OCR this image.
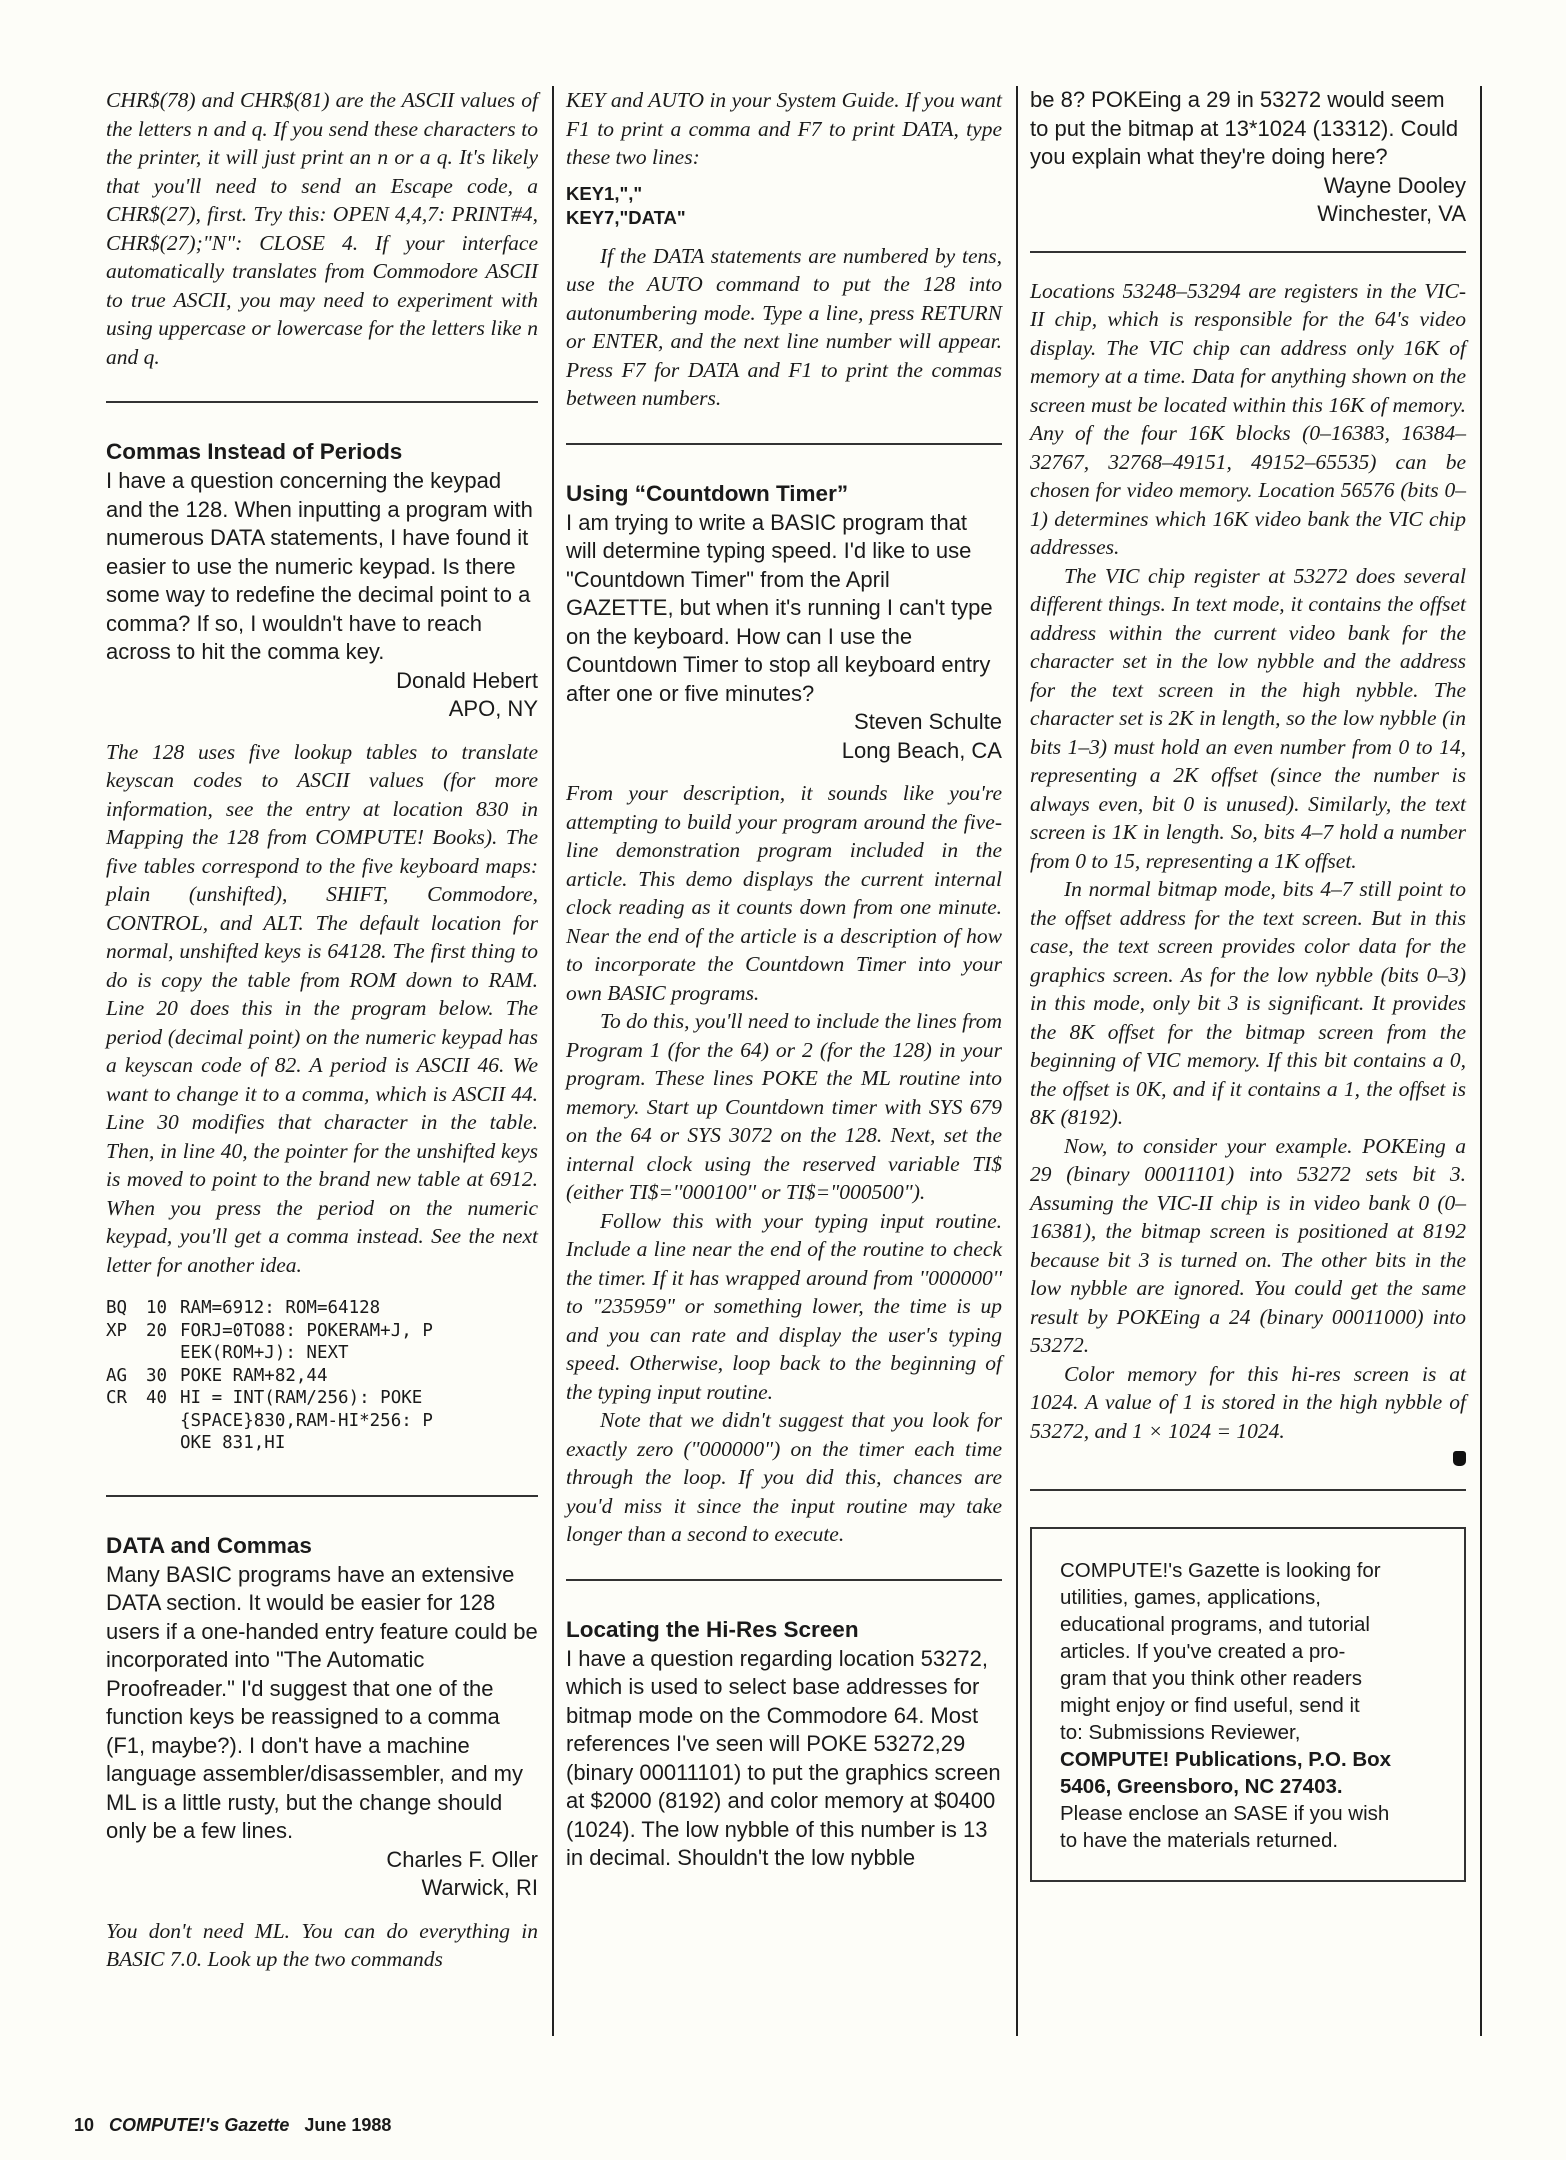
CHR$(78) and CHR$(81) are the ASCII values of the letters n and q. If you send these characters to the printer, it will just print an n or a q. It's likely that you'll need to send an Escape code, a CHR$(27), first. Try this: OPEN 4,4,7: PRINT#4, CHR$(27);"N": CLOSE 4. If your interface automatically translates from Commodore ASCII to true ASCII, you may need to experiment with using uppercase or lowercase for the letters like n and q.

Commas Instead of Periods

I have a question concerning the keypad and the 128. When inputting a program with numerous DATA statements, I have found it easier to use the numeric keypad. Is there some way to redefine the decimal point to a comma? If so, I wouldn't have to reach across to hit the comma key.

Donald Hebert
APO, NY

The 128 uses five lookup tables to translate keyscan codes to ASCII values (for more information, see the entry at location 830 in Mapping the 128 from COMPUTE! Books). The five tables correspond to the five keyboard maps: plain (unshifted), SHIFT, Commodore, CONTROL, and ALT. The default location for normal, unshifted keys is 64128. The first thing to do is copy the table from ROM down to RAM. Line 20 does this in the program below. The period (decimal point) on the numeric keypad has a keyscan code of 82. A period is ASCII 46. We want to change it to a comma, which is ASCII 44. Line 30 modifies that character in the table. Then, in line 40, the pointer for the unshifted keys is moved to point to the brand new table at 6912. When you press the period on the numeric keypad, you'll get a comma instead. See the next letter for another idea.

BQ	10 RAM=6912: ROM=64128
XP	20 FORJ=0TO88: POKERAM+J, P
EEK(ROM+J): NEXT
AG	30 POKE RAM+82,44
CR	40 HI = INT(RAM/256): POKE
{SPACE}830,RAM-HI*256: P
OKE 831,HI
DATA and Commas

Many BASIC programs have an extensive DATA section. It would be easier for 128 users if a one-handed entry feature could be incorporated into "The Automatic Proofreader." I'd suggest that one of the function keys be reassigned to a comma (F1, maybe?). I don't have a machine language assembler/disassembler, and my ML is a little rusty, but the change should only be a few lines.

Charles F. Oller
Warwick, RI

You don't need ML. You can do everything in BASIC 7.0. Look up the two commands

KEY and AUTO in your System Guide. If you want F1 to print a comma and F7 to print DATA, type these two lines:

KEY1,","
KEY7,"DATA"

If the DATA statements are numbered by tens, use the AUTO command to put the 128 into autonumbering mode. Type a line, press RETURN or ENTER, and the next line number will appear. Press F7 for DATA and F1 to print the commas between numbers.

Using “Countdown Timer”

I am trying to write a BASIC program that will determine typing speed. I'd like to use "Countdown Timer" from the April GAZETTE, but when it's running I can't type on the keyboard. How can I use the Countdown Timer to stop all keyboard entry after one or five minutes?

Steven Schulte
Long Beach, CA

From your description, it sounds like you're attempting to build your program around the five-line demonstration program included in the article. This demo displays the current internal clock reading as it counts down from one minute. Near the end of the article is a description of how to incorporate the Countdown Timer into your own BASIC programs.

To do this, you'll need to include the lines from Program 1 (for the 64) or 2 (for the 128) in your program. These lines POKE the ML routine into memory. Start up Countdown timer with SYS 679 on the 64 or SYS 3072 on the 128. Next, set the internal clock using the reserved variable TI$ (either TI$=''000100'' or TI$="000500").

Follow this with your typing input routine. Include a line near the end of the routine to check the timer. If it has wrapped around from ''000000'' to "235959" or something lower, the time is up and you can rate and display the user's typing speed. Otherwise, loop back to the beginning of the typing input routine.

Note that we didn't suggest that you look for exactly zero ("000000") on the timer each time through the loop. If you did this, chances are you'd miss it since the input routine may take longer than a second to execute.

Locating the Hi-Res Screen

I have a question regarding location 53272, which is used to select base addresses for bitmap mode on the Commodore 64. Most references I've seen will POKE 53272,29 (binary 00011101) to put the graphics screen at $2000 (8192) and color memory at $0400 (1024). The low nybble of this number is 13 in decimal. Shouldn't the low nybble

be 8? POKEing a 29 in 53272 would seem to put the bitmap at 13*1024 (13312). Could you explain what they're doing here?

Wayne Dooley
Winchester, VA

Locations 53248–53294 are registers in the VIC-II chip, which is responsible for the 64's video display. The VIC chip can address only 16K of memory at a time. Data for anything shown on the screen must be located within this 16K of memory. Any of the four 16K blocks (0–16383, 16384–32767, 32768–49151, 49152–65535) can be chosen for video memory. Location 56576 (bits 0–1) determines which 16K video bank the VIC chip addresses.

The VIC chip register at 53272 does several different things. In text mode, it contains the offset address within the current video bank for the character set in the low nybble and the address for the text screen in the high nybble. The character set is 2K in length, so the low nybble (in bits 1–3) must hold an even number from 0 to 14, representing a 2K offset (since the number is always even, bit 0 is unused). Similarly, the text screen is 1K in length. So, bits 4–7 hold a number from 0 to 15, representing a 1K offset.

In normal bitmap mode, bits 4–7 still point to the offset address for the text screen. But in this case, the text screen provides color data for the graphics screen. As for the low nybble (bits 0–3) in this mode, only bit 3 is significant. It provides the 8K offset for the bitmap screen from the beginning of VIC memory. If this bit contains a 0, the offset is 0K, and if it contains a 1, the offset is 8K (8192).

Now, to consider your example. POKEing a 29 (binary 00011101) into 53272 sets bit 3. Assuming the VIC-II chip is in video bank 0 (0–16381), the bitmap screen is positioned at 8192 because bit 3 is turned on. The other bits in the low nybble are ignored. You could get the same result by POKEing a 24 (binary 00011000) into 53272.

Color memory for this hi-res screen is at 1024. A value of 1 is stored in the high nybble of 53272, and 1 × 1024 = 1024.

COMPUTE!'s Gazette is looking for
utilities, games, applications,
educational programs, and tutorial
articles. If you've created a pro-
gram that you think other readers
might enjoy or find useful, send it
to: Submissions Reviewer,
COMPUTE! Publications, P.O. Box
5406, Greensboro, NC 27403.
Please enclose an SASE if you wish
to have the materials returned.
10 COMPUTE!'s Gazette June 1988
